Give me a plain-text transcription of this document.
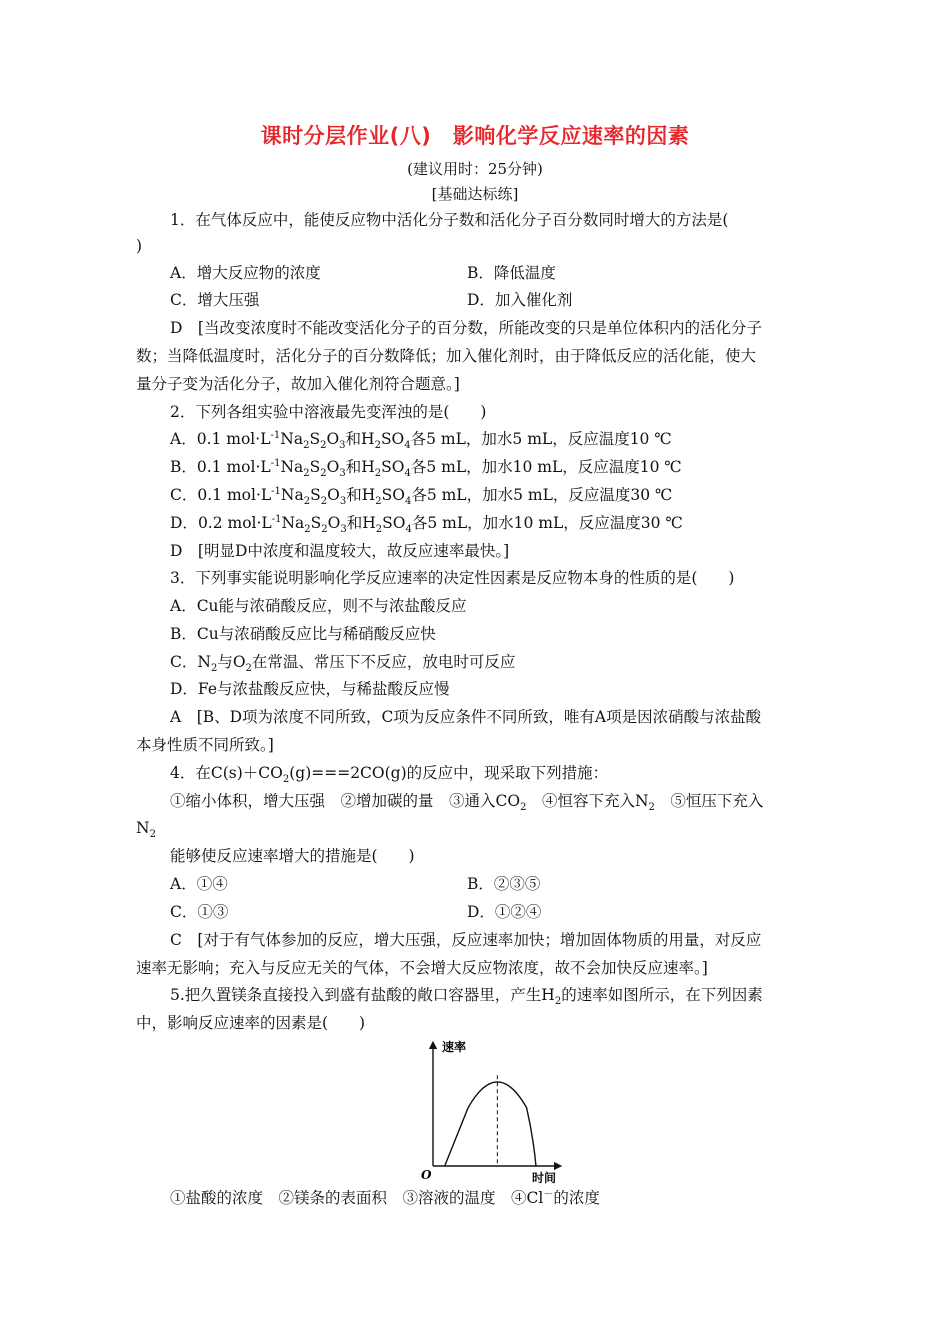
课时分层作业(八)　影响化学反应速率的因素
(建议用时：25分钟)
[基础达标练]
1．在气体反应中，能使反应物中活化分子数和活化分子百分数同时增大的方法是(
)
A．增大反应物的浓度	B．降低温度
C．增大压强	D．加入催化剂
D　[当改变浓度时不能改变活化分子的百分数，所能改变的只是单位体积内的活化分子
数；当降低温度时，活化分子的百分数降低；加入催化剂时，由于降低反应的活化能，使大
量分子变为活化分子，故加入催化剂符合题意。]
2．下列各组实验中溶液最先变浑浊的是(　　)
A．0.1 $mol\cdot L^{-1}Na_2S_2O_3$和$H_2SO_4$各5 mL，加水5 mL，反应温度10 ℃
B．0.1 $mol\cdot L^{-1}Na_2S_2O_3$和$H_2SO_4$各5 mL，加水10 mL，反应温度10 ℃
C．0.1 $mol\cdot L^{-1}Na_2S_2O_3$和$H_2SO_4$各5 mL，加水5 mL，反应温度30 ℃
D．0.2 $mol\cdot L^{-1}Na_2S_2O_3$和$H_2SO_4$各5 mL，加水10 mL，反应温度30 ℃
D　[明显D中浓度和温度较大，故反应速率最快。]
3．下列事实能说明影响化学反应速率的决定性因素是反应物本身的性质的是(　　)
A．Cu能与浓硝酸反应，则不与浓盐酸反应
B．Cu与浓硝酸反应比与稀硝酸反应快
C．$N_2$与$O_2$在常温、常压下不反应，放电时可反应
D．Fe与浓盐酸反应快，与稀盐酸反应慢
A　[B、D项为浓度不同所致，C项为反应条件不同所致，唯有A项是因浓硝酸与浓盐酸
本身性质不同所致。]
4．在$C(s)+CO_2(g)===2CO(g)$的反应中，现采取下列措施：
①缩小体积，增大压强　②增加碳的量　③通入$CO_2$　④恒容下充入$N_2$　⑤恒压下充入
$N_2$
能够使反应速率增大的措施是(　　)
A．①④	B．②③⑤
C．①③	D．①②④
C　[对于有气体参加的反应，增大压强，反应速率加快；增加固体物质的用量，对反应
速率无影响；充入与反应无关的气体，不会增大反应物浓度，故不会加快反应速率。]
5.把久置镁条直接投入到盛有盐酸的敞口容器里，产生$H_2$的速率如图所示，在下列因素
中，影响反应速率的因素是(　　)
速率
时间
O
①盐酸的浓度　②镁条的表面积　③溶液的温度　④Cl－的浓度
